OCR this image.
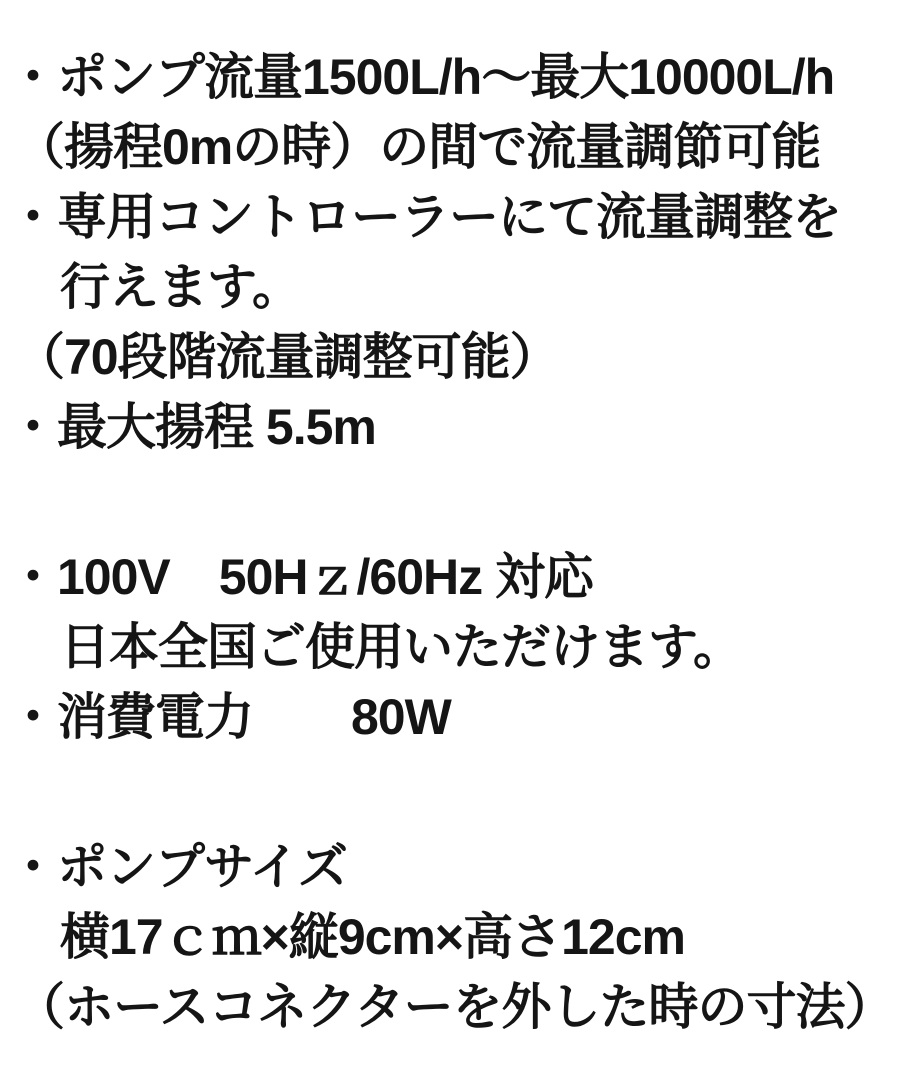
・ポンプ流量1500L/h～最大10000L/h
（揚程0mの時）の間で流量調節可能
・専用コントローラーにて流量調整を
行えます。
（70段階流量調整可能）
・最大揚程 5.5m
・100V　50Hｚ/60Hz 対応
日本全国ご使用いただけます。
・消費電力　　80W
・ポンプサイズ
横17ｃｍ×縦9cm×高さ12cm
（ホースコネクターを外した時の寸法）
